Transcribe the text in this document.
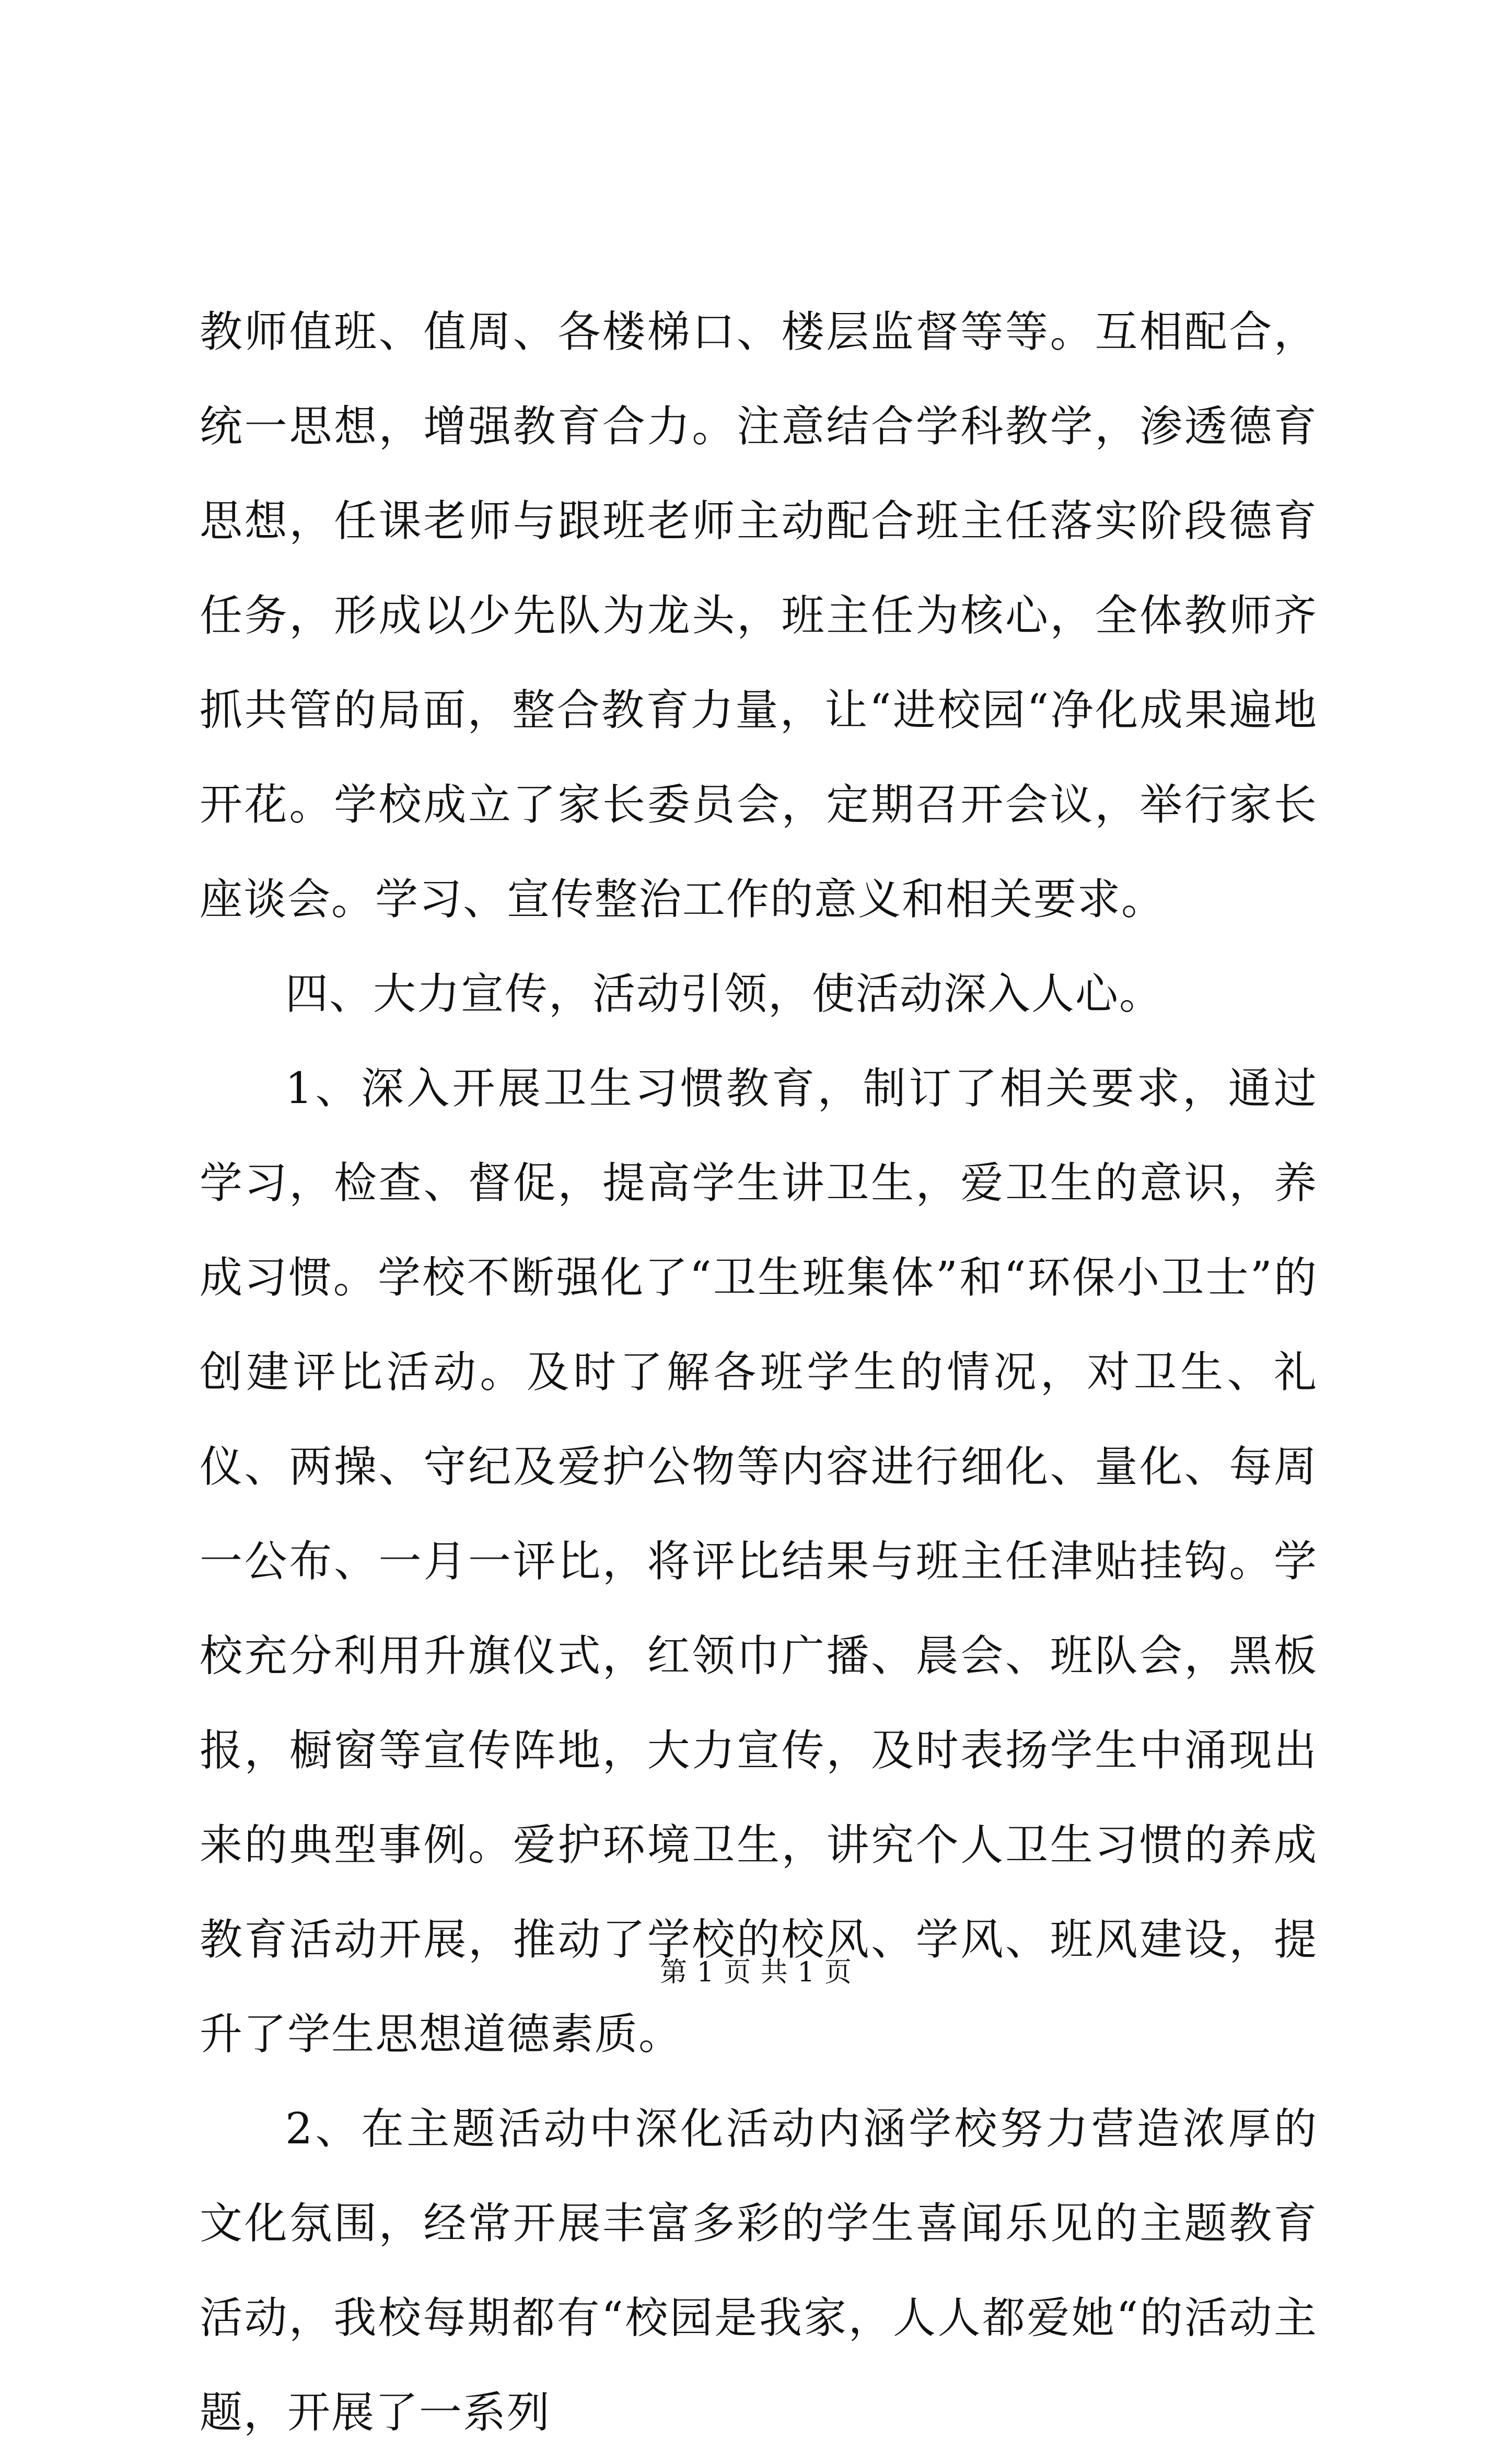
教师值班、值周、各楼梯口、楼层监督等等。互相配合，统一思想，增强教育合力。注意结合学科教学，渗透德育思想，任课老师与跟班老师主动配合班主任落实阶段德育任务，形成以少先队为龙头，班主任为核心，全体教师齐抓共管的局面，整合教育力量，让“进校园“净化成果遍地开花。学校成立了家长委员会，定期召开会议，举行家长座谈会。学习、宣传整治工作的意义和相关要求。

四、大力宣传，活动引领，使活动深入人心。

1、深入开展卫生习惯教育，制订了相关要求，通过学习，检查、督促，提高学生讲卫生，爱卫生的意识，养成习惯。学校不断强化了“卫生班集体”和“环保小卫士”的创建评比活动。及时了解各班学生的情况，对卫生、礼仪、两操、守纪及爱护公物等内容进行细化、量化、每周一公布、一月一评比，将评比结果与班主任津贴挂钩。学校充分利用升旗仪式，红领巾广播、晨会、班队会，黑板报，橱窗等宣传阵地，大力宣传，及时表扬学生中涌现出来的典型事例。爱护环境卫生，讲究个人卫生习惯的养成教育活动开展，推动了学校的校风、学风、班风建设，提升了学生思想道德素质。

2、在主题活动中深化活动内涵学校努力营造浓厚的文化氛围，经常开展丰富多彩的学生喜闻乐见的主题教育活动，我校每期都有“校园是我家，人人都爱她“的活动主题，开展了一系列

第 1 页 共 1 页
